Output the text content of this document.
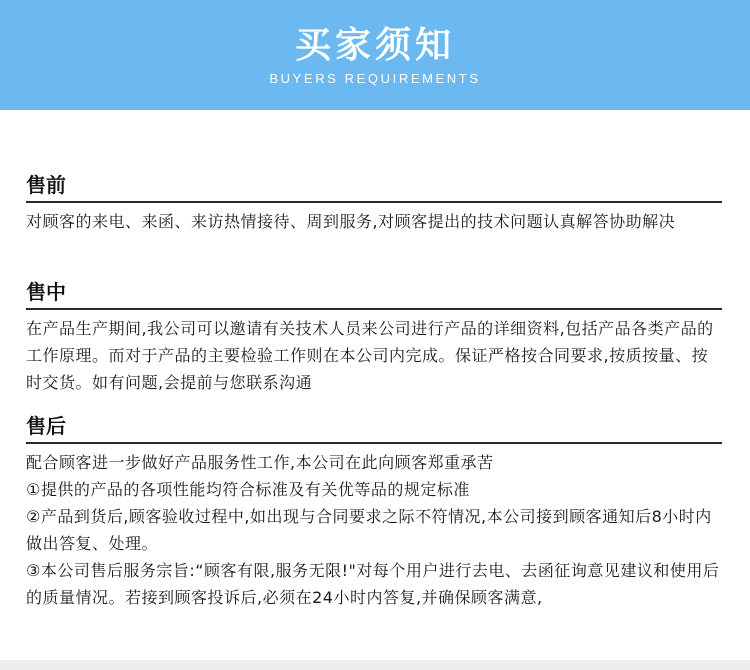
买家须知
BUYERS REQUIREMENTS
售前

对顾客的来电、来函、来访热情接待、周到服务,对顾客提出的技术问题认真解答协助解决

售中

在产品生产期间,我公司可以邀请有关技术人员来公司进行产品的详细资料,包括产品各类产品的工作原理。而对于产品的主要检验工作则在本公司内完成。保证严格按合同要求,按质按量、按时交货。如有问题,会提前与您联系沟通

售后

配合顾客进一步做好产品服务性工作,本公司在此向顾客郑重承苦

①提供的产品的各项性能均符合标准及有关优等品的规定标准

②产品到货后,顾客验收过程中,如出现与合同要求之际不符情况,本公司接到顾客通知后8小时内做出答复、处理。

③本公司售后服务宗旨:“顾客有限,服务无限!"对每个用户进行去电、去函征询意见建议和使用后的质量情况。若接到顾客投诉后,必须在24小时内答复,并确保顾客满意,
